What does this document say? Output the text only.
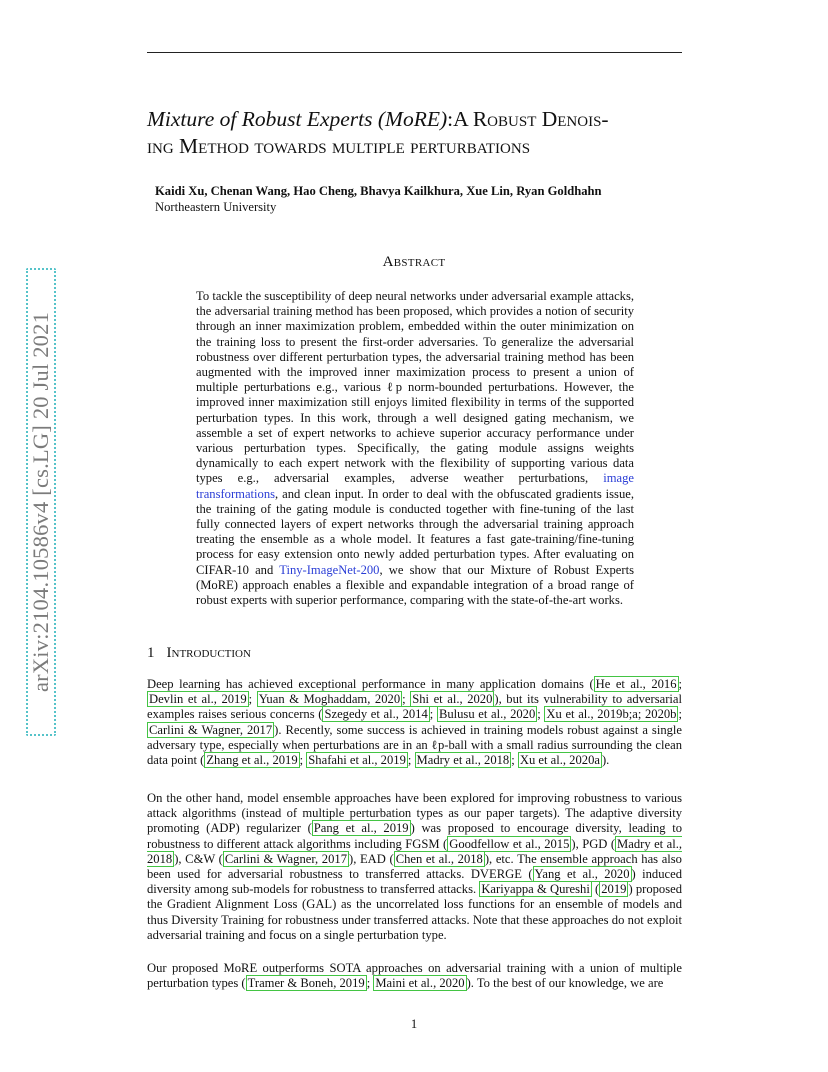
arXiv:2104.10586v4 [cs.LG] 20 Jul 2021
Mixture of Robust Experts (MoRE):A Robust Denois-
ing Method towards multiple perturbations
Kaidi Xu, Chenan Wang, Hao Cheng, Bhavya Kailkhura, Xue Lin, Ryan Goldhahn
Northeastern University
Abstract

To tackle the susceptibility of deep neural networks under adversarial example attacks, the adversarial training method has been proposed, which provides a notion of security through an inner maximization problem, embedded within the outer minimization on the training loss to present the first-order adversaries. To generalize the adversarial robustness over different perturbation types, the adversarial training method has been augmented with the improved inner maximization process to present a union of multiple perturbations e.g., various ℓp norm-bounded perturbations. However, the improved inner maximization still enjoys limited flexibility in terms of the supported perturbation types. In this work, through a well designed gating mechanism, we assemble a set of expert networks to achieve superior accuracy performance under various perturbation types. Specifically, the gating module assigns weights dynamically to each expert network with the flexibility of supporting various data types e.g., adversarial examples, adverse weather perturbations, image transformations, and clean input. In order to deal with the obfuscated gradients issue, the training of the gating module is conducted together with fine-tuning of the last fully connected layers of expert networks through the adversarial training approach treating the ensemble as a whole model. It features a fast gate-training/fine-tuning process for easy extension onto newly added perturbation types. After evaluating on CIFAR-10 and Tiny-ImageNet-200, we show that our Mixture of Robust Experts (MoRE) approach enables a flexible and expandable integration of a broad range of robust experts with superior performance, comparing with the state-of-the-art works.

1 Introduction

Deep learning has achieved exceptional performance in many application domains ( He et al., 2016 ; Devlin et al., 2019 ; Yuan & Moghaddam, 2020 ; Shi et al., 2020 ), but its vulnerability to adversarial examples raises serious concerns ( Szegedy et al., 2014 ; Bulusu et al., 2020 ; Xu et al., 2019b;a; 2020b ; Carlini & Wagner, 2017 ). Recently, some success is achieved in training models robust against a single adversary type, especially when perturbations are in an ℓp-ball with a small radius surrounding the clean data point ( Zhang et al., 2019 ; Shafahi et al., 2019 ; Madry et al., 2018 ; Xu et al., 2020a ).

On the other hand, model ensemble approaches have been explored for improving robustness to various attack algorithms (instead of multiple perturbation types as our paper targets). The adaptive diversity promoting (ADP) regularizer ( Pang et al., 2019 ) was proposed to encourage diversity, leading to robustness to different attack algorithms including FGSM ( Goodfellow et al., 2015 ), PGD ( Madry et al., 2018 ), C&W ( Carlini & Wagner, 2017 ), EAD ( Chen et al., 2018 ), etc. The ensemble approach has also been used for adversarial robustness to transferred attacks. DVERGE ( Yang et al., 2020 ) induced diversity among sub-models for robustness to transferred attacks. Kariyappa & Qureshi ( 2019 ) proposed the Gradient Alignment Loss (GAL) as the uncorrelated loss functions for an ensemble of models and thus Diversity Training for robustness under transferred attacks. Note that these approaches do not exploit adversarial training and focus on a single perturbation type.

Our proposed MoRE outperforms SOTA approaches on adversarial training with a union of multiple perturbation types ( Tramer & Boneh, 2019 ; Maini et al., 2020 ). To the best of our knowledge, we are

1
